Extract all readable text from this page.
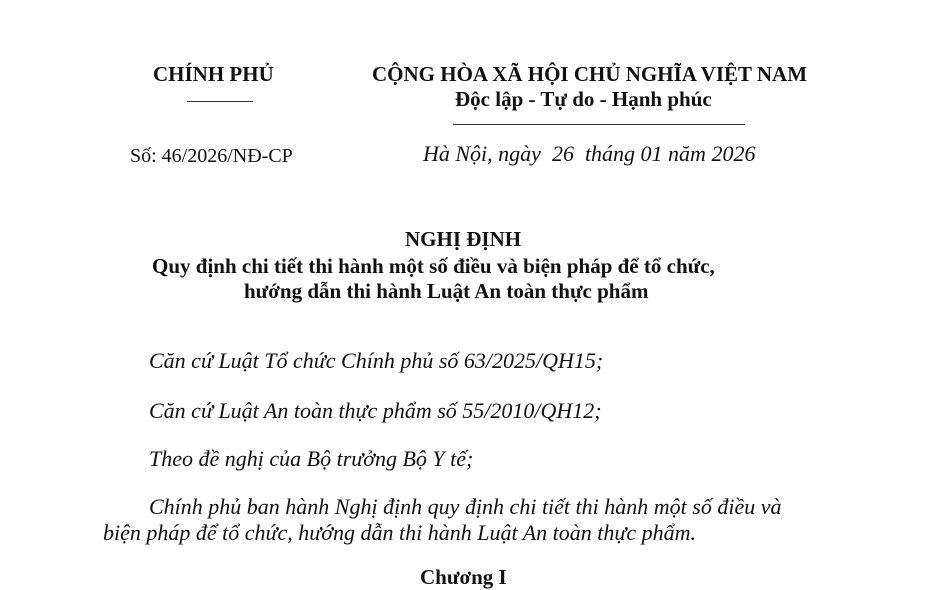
CHÍNH PHỦ	CỘNG HÒA XÃ HỘI CHỦ NGHĨA VIỆT NAM
Độc lập - Tự do - Hạnh phúc
Số: 46/2026/NĐ-CP	Hà Nội, ngày  26  tháng 01 năm 2026
NGHỊ ĐỊNH
Quy định chi tiết thi hành một số điều và biện pháp để tổ chức,
hướng dẫn thi hành Luật An toàn thực phẩm
Căn cứ Luật Tổ chức Chính phủ số 63/2025/QH15;
Căn cứ Luật An toàn thực phẩm số 55/2010/QH12;
Theo đề nghị của Bộ trưởng Bộ Y tế;
Chính phủ ban hành Nghị định quy định chi tiết thi hành một số điều và
biện pháp để tổ chức, hướng dẫn thi hành Luật An toàn thực phẩm.
Chương I
